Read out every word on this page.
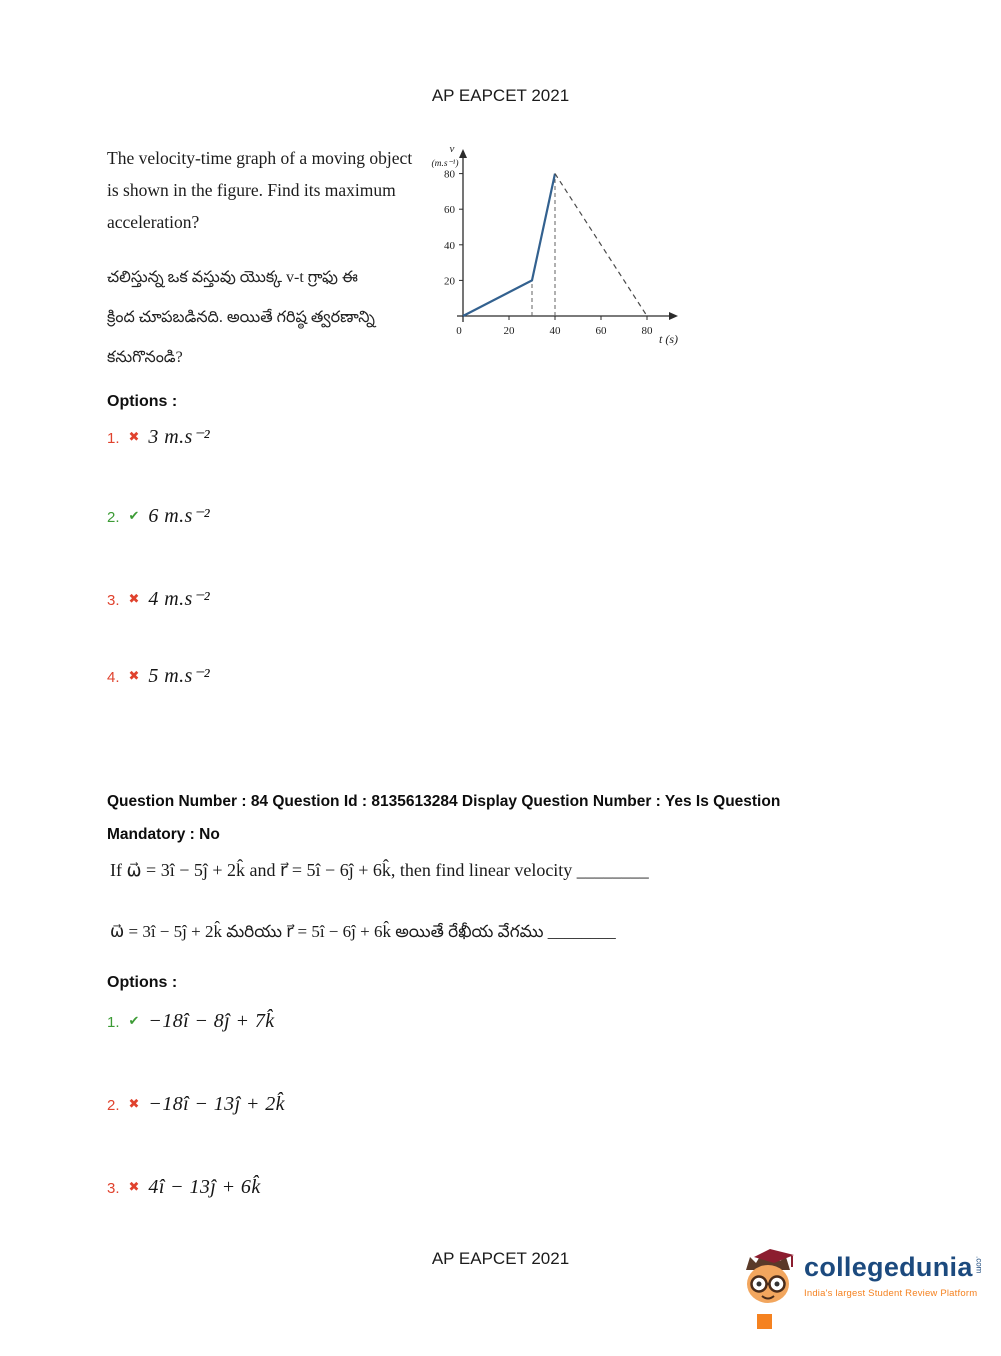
AP EAPCET 2021
The velocity-time graph of a moving object
is shown in the figure. Find its maximum
acceleration?
చలిస్తున్న ఒక వస్తువు యొక్క v-t గ్రాఫు ఈ
క్రింద చూపబడినది. అయితే గరిష్ఠ త్వరణాన్ని
కనుగొనండి?
20
40
60
80
0	20	40	60	80
v
(m.s⁻¹)
t (s)
Options :
1. ✖ 3 m.s⁻²
2. ✔ 6 m.s⁻²
3. ✖ 4 m.s⁻²
4. ✖ 5 m.s⁻²
Question Number : 84 Question Id : 8135613284 Display Question Number : Yes Is Question
Mandatory : No
If ω⃗ = 3î − 5ĵ + 2k̂ and r⃗ = 5î − 6ĵ + 6k̂, then find linear velocity ________
ω⃗ = 3î − 5ĵ + 2k̂ మరియు r⃗ = 5î − 6ĵ + 6k̂ అయితే రేఖీయ వేగము ________
Options :
1. ✔ −18î − 8ĵ + 7k̂
2. ✖ −18î − 13ĵ + 2k̂
3. ✖ 4î − 13ĵ + 6k̂
AP EAPCET 2021	collegedunia .com
India's largest Student Review Platform
